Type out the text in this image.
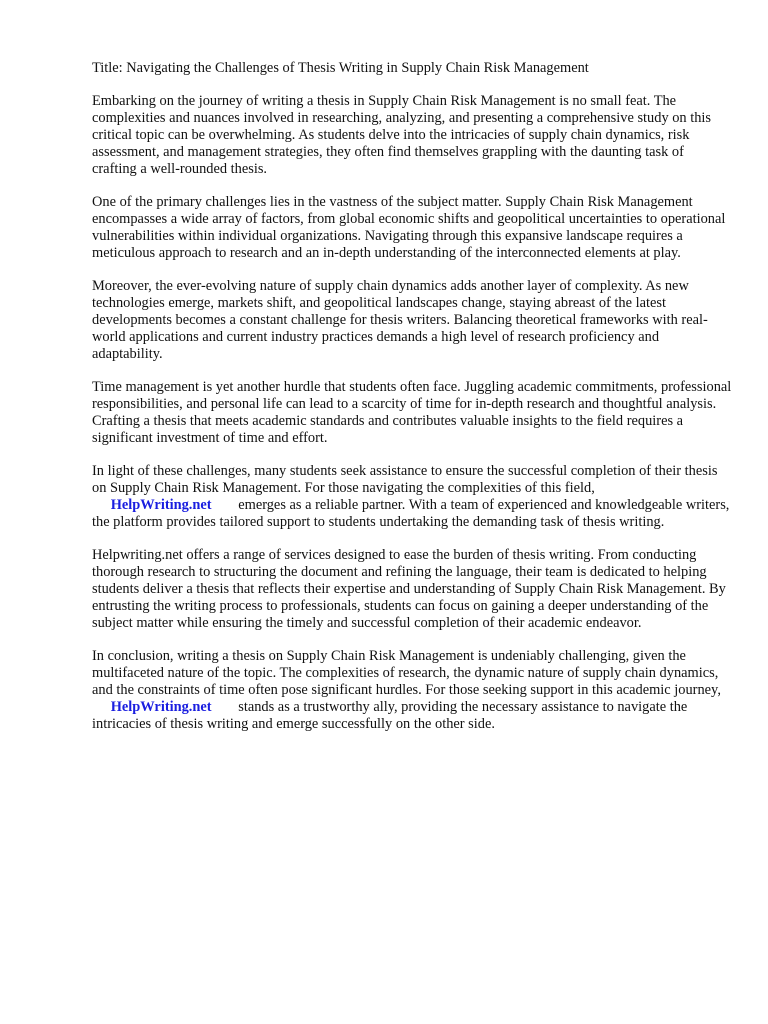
Title: Navigating the Challenges of Thesis Writing in Supply Chain Risk Management

Embarking on the journey of writing a thesis in Supply Chain Risk Management is no small feat. The complexities and nuances involved in researching, analyzing, and presenting a comprehensive study on this critical topic can be overwhelming. As students delve into the intricacies of supply chain dynamics, risk assessment, and management strategies, they often find themselves grappling with the daunting task of crafting a well-rounded thesis.

One of the primary challenges lies in the vastness of the subject matter. Supply Chain Risk Management encompasses a wide array of factors, from global economic shifts and geopolitical uncertainties to operational vulnerabilities within individual organizations. Navigating through this expansive landscape requires a meticulous approach to research and an in-depth understanding of the interconnected elements at play.

Moreover, the ever-evolving nature of supply chain dynamics adds another layer of complexity. As new technologies emerge, markets shift, and geopolitical landscapes change, staying abreast of the latest developments becomes a constant challenge for thesis writers. Balancing theoretical frameworks with real-world applications and current industry practices demands a high level of research proficiency and adaptability.

Time management is yet another hurdle that students often face. Juggling academic commitments, professional responsibilities, and personal life can lead to a scarcity of time for in-depth research and thoughtful analysis. Crafting a thesis that meets academic standards and contributes valuable insights to the field requires a significant investment of time and effort.

In light of these challenges, many students seek assistance to ensure the successful completion of their thesis on Supply Chain Risk Management. For those navigating the complexities of this field, HelpWriting.net emerges as a reliable partner. With a team of experienced and knowledgeable writers, the platform provides tailored support to students undertaking the demanding task of thesis writing.

Helpwriting.net offers a range of services designed to ease the burden of thesis writing. From conducting thorough research to structuring the document and refining the language, their team is dedicated to helping students deliver a thesis that reflects their expertise and understanding of Supply Chain Risk Management. By entrusting the writing process to professionals, students can focus on gaining a deeper understanding of the subject matter while ensuring the timely and successful completion of their academic endeavor.

In conclusion, writing a thesis on Supply Chain Risk Management is undeniably challenging, given the multifaceted nature of the topic. The complexities of research, the dynamic nature of supply chain dynamics, and the constraints of time often pose significant hurdles. For those seeking support in this academic journey, HelpWriting.net stands as a trustworthy ally, providing the necessary assistance to navigate the intricacies of thesis writing and emerge successfully on the other side.
